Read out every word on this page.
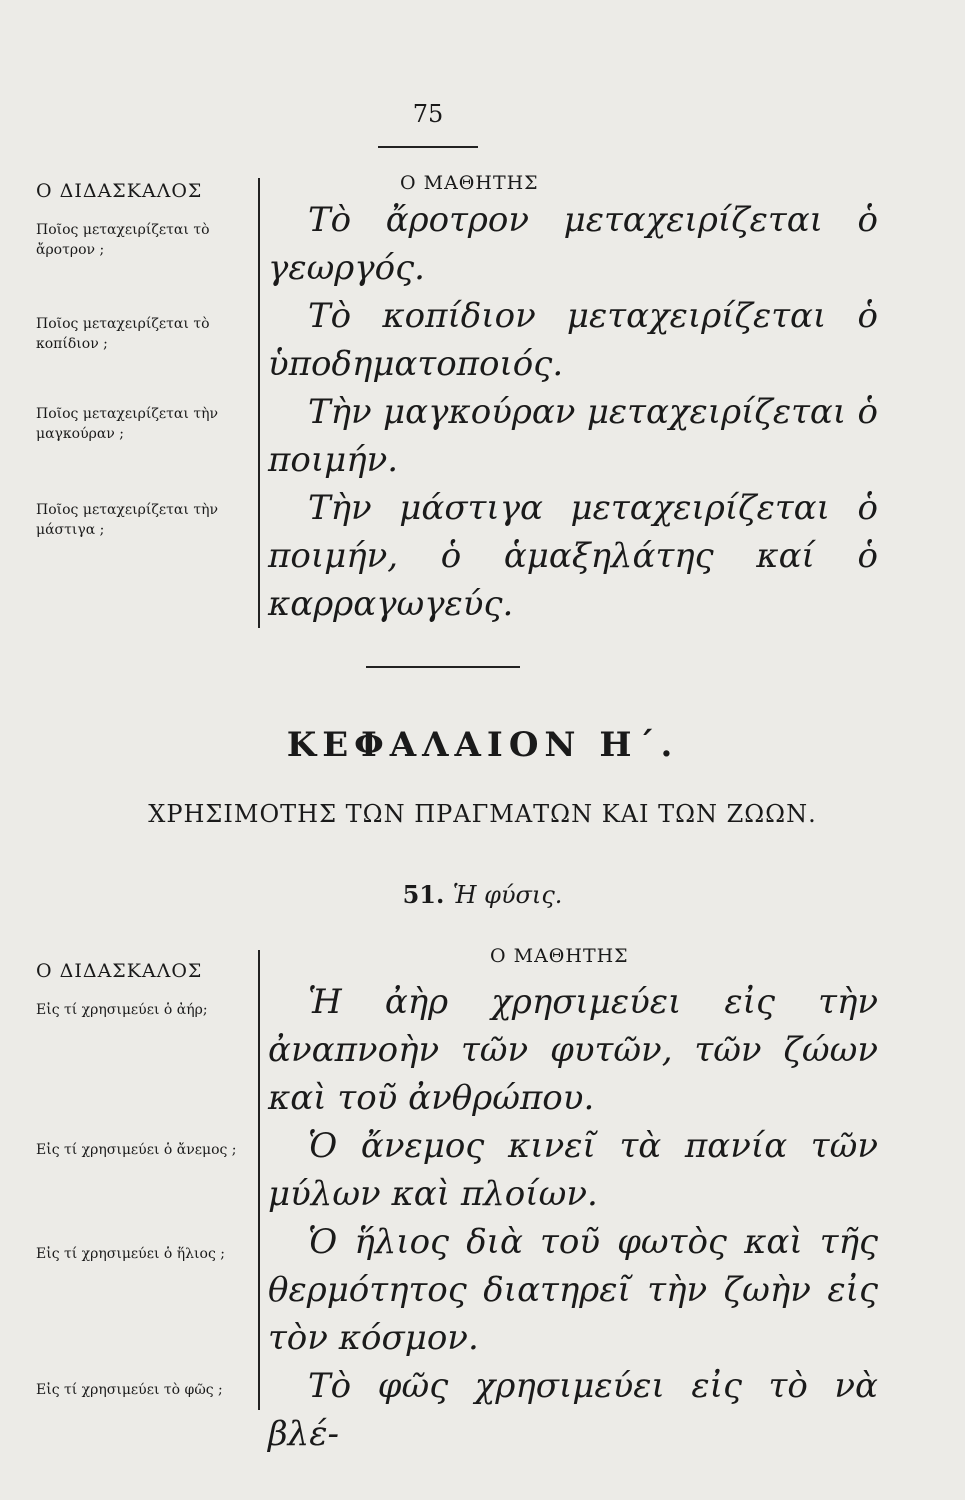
75
Ο ΔΙΔΑΣΚΑΛΟΣ	Ο ΜΑΘΗΤΗΣ
Ποῖος μεταχειρίζεται τὸ ἄροτρον ;
Ποῖος μεταχειρίζεται τὸ κοπίδιον ;
Ποῖος μεταχειρίζεται τὴν μαγκούραν ;
Ποῖος μεταχειρίζεται τὴν μάστιγα ;

Τὸ ἄροτρον μεταχειρίζεται ὁ γεωργός.

Τὸ κοπίδιον μεταχειρίζεται ὁ ὑποδηματοποιός.

Τὴν μαγκούραν μεταχειρίζεται ὁ ποιμήν.

Τὴν μάστιγα μεταχειρίζεται ὁ ποιμήν, ὁ ἁμαξηλάτης καί ὁ καρραγωγεύς.

ΚΕΦΑΛΑΙΟΝ Η΄.
ΧΡΗΣΙΜΟΤΗΣ ΤΩΝ ΠΡΑΓΜΑΤΩΝ ΚΑΙ ΤΩΝ ΖΩΩΝ.
51. Ἡ φύσις.
Ο ΔΙΔΑΣΚΑΛΟΣ
Ο ΜΑΘΗΤΗΣ
Εἰς τί χρησιμεύει ὁ ἀήρ;
Εἰς τί χρησιμεύει ὁ ἄνεμος ;
Εἰς τί χρησιμεύει ὁ ἥλιος ;
Εἰς τί χρησιμεύει τὸ φῶς ;

Ἡ ἀὴρ χρησιμεύει εἰς τὴν ἀναπνοὴν τῶν φυτῶν, τῶν ζώων καὶ τοῦ ἀνθρώπου.

Ὁ ἄνεμος κινεῖ τὰ πανία τῶν μύλων καὶ πλοίων.

Ὁ ἥλιος διὰ τοῦ φωτὸς καὶ τῆς θερμότητος διατηρεῖ τὴν ζωὴν εἰς τὸν κόσμον.

Τὸ φῶς χρησιμεύει εἰς τὸ νὰ βλέ-
